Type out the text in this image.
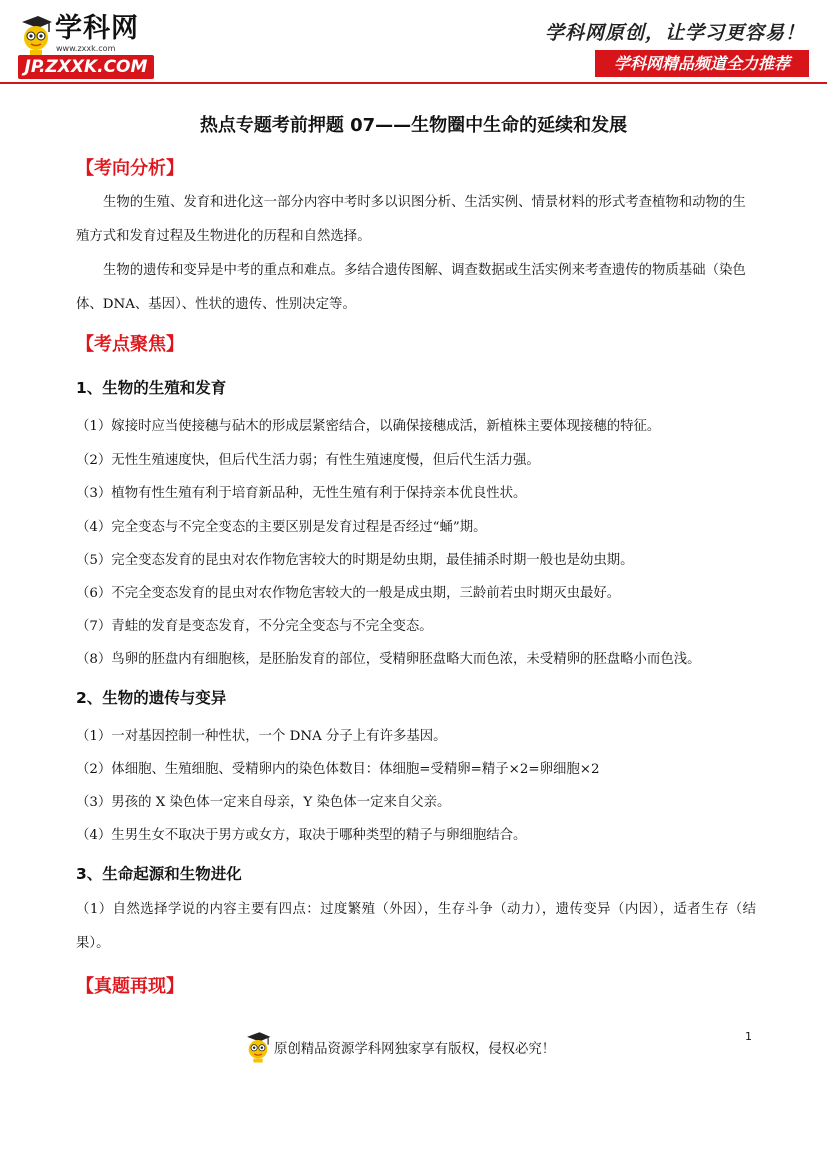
学科网
www.zxxk.com
JP.ZXXK.COM
学科网原创，让学习更容易！
学科网精品频道全力推荐
热点专题考前押题 07——生物圈中生命的延续和发展
【考向分析】
生物的生殖、发育和进化这一部分内容中考时多以识图分析、生活实例、情景材料的形式考查植物和动物的生殖方式和发育过程及生物进化的历程和自然选择。
生物的遗传和变异是中考的重点和难点。多结合遗传图解、调查数据或生活实例来考查遗传的物质基础（染色体、DNA、基因）、性状的遗传、性别决定等。
【考点聚焦】
1、生物的生殖和发育
（1）嫁接时应当使接穗与砧木的形成层紧密结合，以确保接穗成活，新植株主要体现接穗的特征。
（2）无性生殖速度快，但后代生活力弱；有性生殖速度慢，但后代生活力强。
（3）植物有性生殖有利于培育新品种，无性生殖有利于保持亲本优良性状。
（4）完全变态与不完全变态的主要区别是发育过程是否经过“蛹”期。
（5）完全变态发育的昆虫对农作物危害较大的时期是幼虫期，最佳捕杀时期一般也是幼虫期。
（6）不完全变态发育的昆虫对农作物危害较大的一般是成虫期，三龄前若虫时期灭虫最好。
（7）青蛙的发育是变态发育，不分完全变态与不完全变态。
（8）鸟卵的胚盘内有细胞核，是胚胎发育的部位，受精卵胚盘略大而色浓，未受精卵的胚盘略小而色浅。
2、生物的遗传与变异
（1）一对基因控制一种性状，一个 DNA 分子上有许多基因。
（2）体细胞、生殖细胞、受精卵内的染色体数目：体细胞=受精卵=精子×2=卵细胞×2
（3）男孩的 X 染色体一定来自母亲，Y 染色体一定来自父亲。
（4）生男生女不取决于男方或女方，取决于哪种类型的精子与卵细胞结合。
3、生命起源和生物进化
（1）自然选择学说的内容主要有四点：过度繁殖（外因），生存斗争（动力），遗传变异（内因），适者生存（结果）。
【真题再现】
原创精品资源学科网独家享有版权，侵权必究！
1
